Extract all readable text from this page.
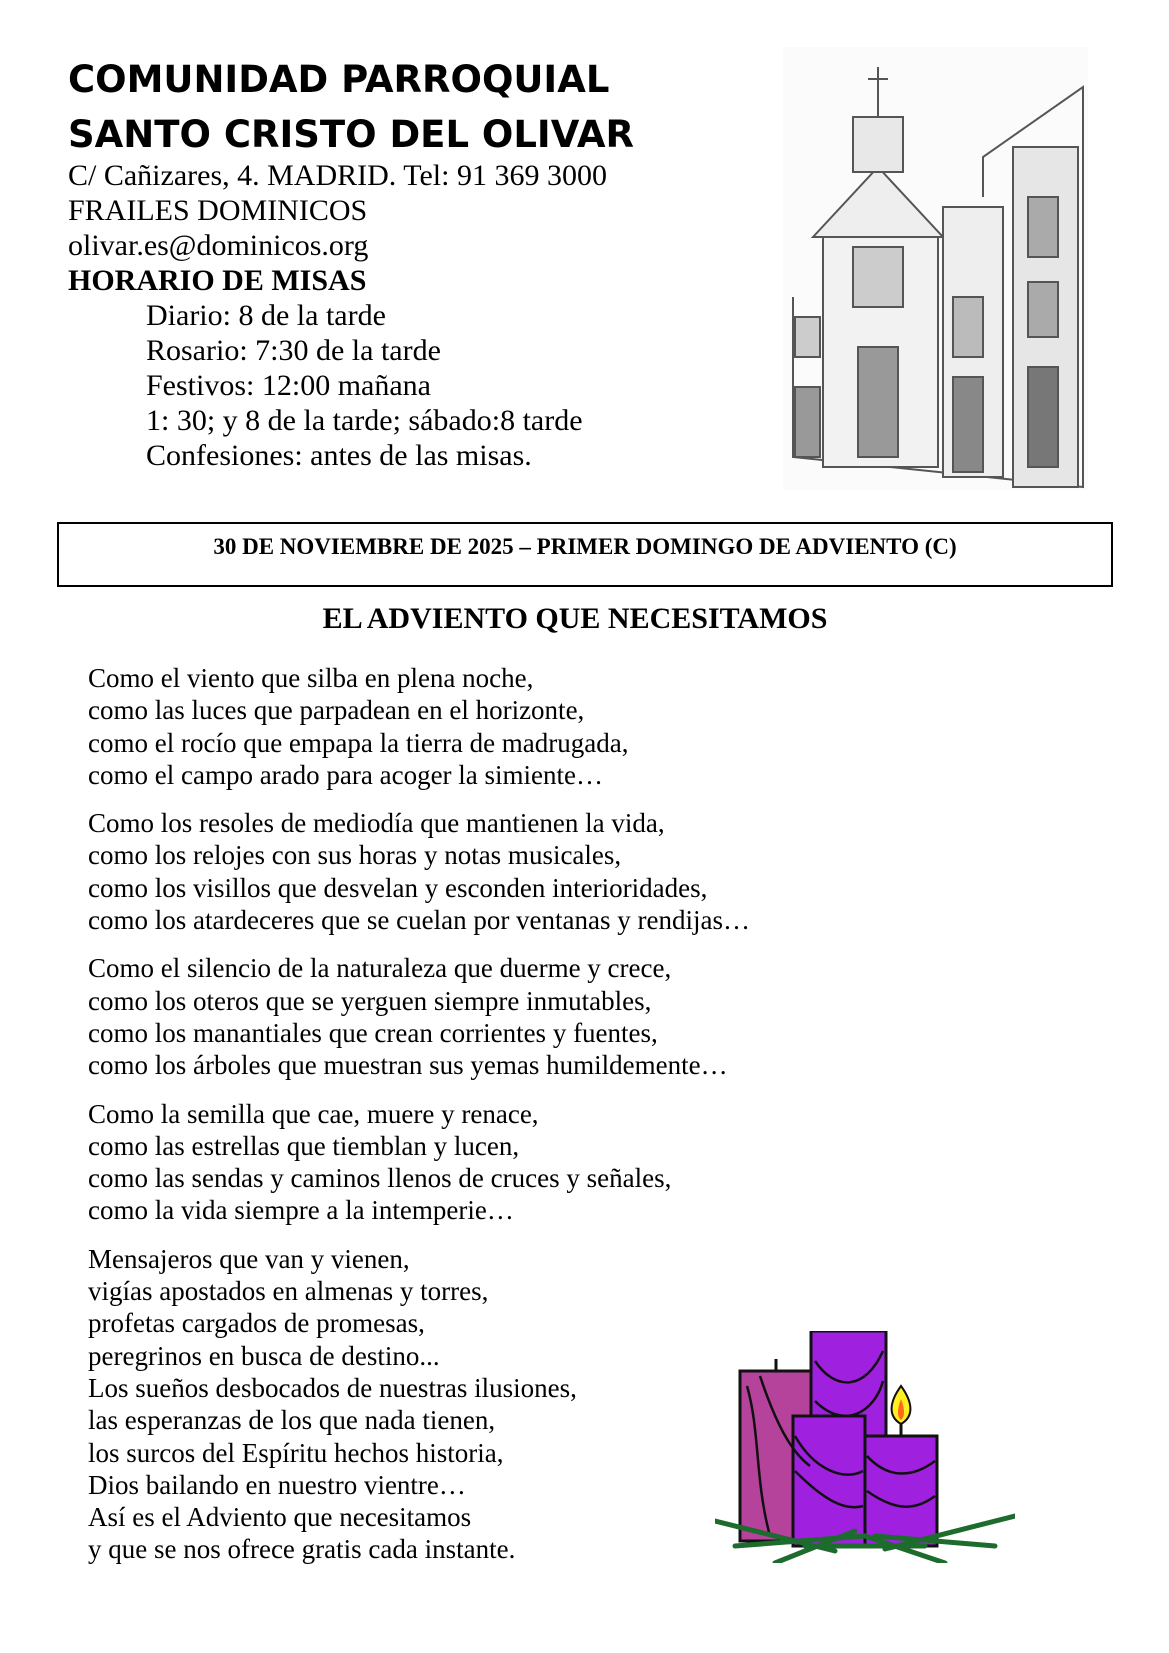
COMUNIDAD PARROQUIAL
SANTO CRISTO DEL OLIVAR
C/ Cañizares, 4. MADRID. Tel: 91 369 3000
FRAILES DOMINICOS
olivar.es@dominicos.org
HORARIO DE MISAS
Diario: 8 de la tarde
Rosario: 7:30 de la tarde
Festivos: 12:00 mañana
1: 30; y 8 de la tarde; sábado:8 tarde
Confesiones: antes de las misas.
30 DE NOVIEMBRE DE 2025 – PRIMER DOMINGO DE ADVIENTO (C)
EL ADVIENTO QUE NECESITAMOS
Como el viento que silba en plena noche,
como las luces que parpadean en el horizonte,
como el rocío que empapa la tierra de madrugada,
como el campo arado para acoger la simiente…
Como los resoles de mediodía que mantienen la vida,
como los relojes con sus horas y notas musicales,
como los visillos que desvelan y esconden interioridades,
como los atardeceres que se cuelan por ventanas y rendijas…
Como el silencio de la naturaleza que duerme y crece,
como los oteros que se yerguen siempre inmutables,
como los manantiales que crean corrientes y fuentes,
como los árboles que muestran sus yemas humildemente…
Como la semilla que cae, muere y renace,
como las estrellas que tiemblan y lucen,
como las sendas y caminos llenos de cruces y señales,
como la vida siempre a la intemperie…
Mensajeros que van y vienen,
vigías apostados en almenas y torres,
profetas cargados de promesas,
peregrinos en busca de destino...
Los sueños desbocados de nuestras ilusiones,
las esperanzas de los que nada tienen,
los surcos del Espíritu hechos historia,
Dios bailando en nuestro vientre…
Así es el Adviento que necesitamos
y que se nos ofrece gratis cada instante.
